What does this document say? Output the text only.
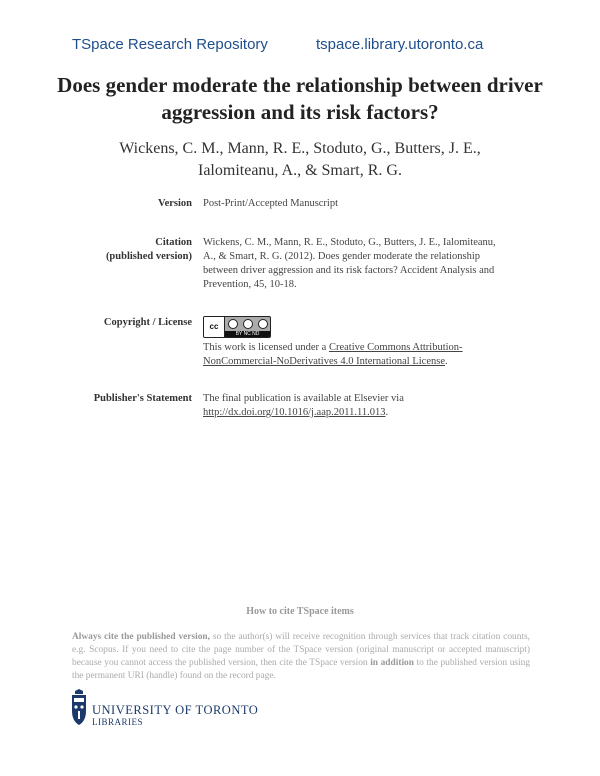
TSpace Research Repository	tspace.library.utoronto.ca
Does gender moderate the relationship between driver aggression and its risk factors?
Wickens, C. M., Mann, R. E., Stoduto, G., Butters, J. E.,
Ialomiteanu, A., & Smart, R. G.
Version Post-Print/Accepted Manuscript
Citation
(published version)
Wickens, C. M., Mann, R. E., Stoduto, G., Butters, J. E., Ialomiteanu, A., & Smart, R. G. (2012). Does gender moderate the relationship between driver aggression and its risk factors? Accident Analysis and Prevention, 45, 10-18.
Copyright / License	cc
BY NC ND
This work is licensed under a Creative Commons Attribution-NonCommercial-NoDerivatives 4.0 International License.
Publisher's Statement The final publication is available at Elsevier via http://dx.doi.org/10.1016/j.aap.2011.11.013.
How to cite TSpace items
Always cite the published version, so the author(s) will receive recognition through services that track citation counts, e.g. Scopus. If you need to cite the page number of the TSpace version (original manuscript or accepted manuscript) because you cannot access the published version, then cite the TSpace version in addition to the published version using the permanent URI (handle) found on the record page.
UNIVERSITY OF TORONTO
LIBRARIES
